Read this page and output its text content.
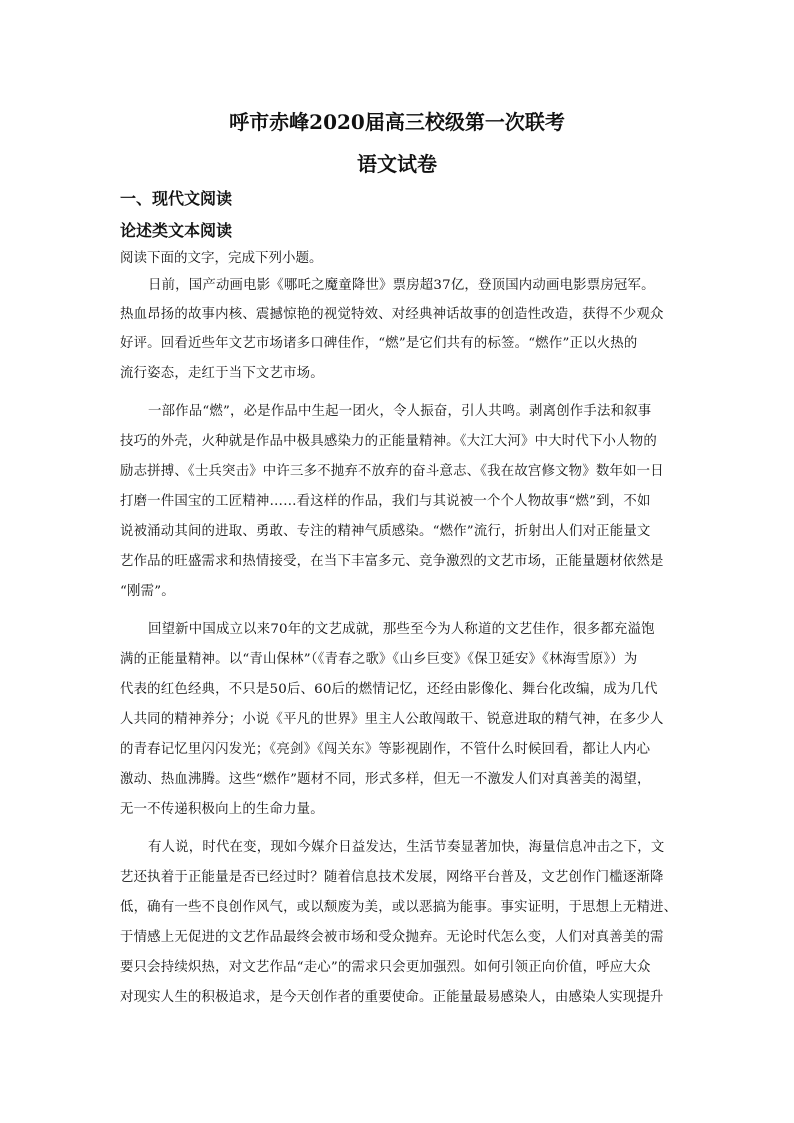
呼市赤峰2020届高三校级第一次联考
语文试卷
一、现代文阅读
论述类文本阅读
阅读下面的文字，完成下列小题。
日前，国产动画电影《哪吒之魔童降世》票房超37亿，登顶国内动画电影票房冠军。
热血昂扬的故事内核、震撼惊艳的视觉特效、对经典神话故事的创造性改造，获得不少观众
好评。回看近些年文艺市场诸多口碑佳作，“燃”是它们共有的标签。“燃作”正以火热的
流行姿态，走红于当下文艺市场。
一部作品“燃”，必是作品中生起一团火，令人振奋，引人共鸣。剥离创作手法和叙事
技巧的外壳，火种就是作品中极具感染力的正能量精神。《大江大河》中大时代下小人物的
励志拼搏、《士兵突击》中许三多不抛弃不放弃的奋斗意志、《我在故宫修文物》数年如一日
打磨一件国宝的工匠精神……看这样的作品，我们与其说被一个个人物故事“燃”到，不如
说被涌动其间的进取、勇敢、专注的精神气质感染。“燃作”流行，折射出人们对正能量文
艺作品的旺盛需求和热情接受，在当下丰富多元、竞争激烈的文艺市场，正能量题材依然是
“刚需”。
回望新中国成立以来70年的文艺成就，那些至今为人称道的文艺佳作，很多都充溢饱
满的正能量精神。以“青山保林”（《青春之歌》《山乡巨变》《保卫延安》《林海雪原》）为
代表的红色经典，不只是50后、60后的燃情记忆，还经由影像化、舞台化改编，成为几代
人共同的精神养分；小说《平凡的世界》里主人公敢闯敢干、锐意进取的精气神，在多少人
的青春记忆里闪闪发光；《亮剑》《闯关东》等影视剧作，不管什么时候回看，都让人内心
激动、热血沸腾。这些“燃作”题材不同，形式多样，但无一不激发人们对真善美的渴望，
无一不传递积极向上的生命力量。
有人说，时代在变，现如今媒介日益发达，生活节奏显著加快，海量信息冲击之下，文
艺还执着于正能量是否已经过时？随着信息技术发展，网络平台普及，文艺创作门槛逐渐降
低，确有一些不良创作风气，或以颓废为美，或以恶搞为能事。事实证明，于思想上无精进、
于情感上无促进的文艺作品最终会被市场和受众抛弃。无论时代怎么变，人们对真善美的需
要只会持续炽热，对文艺作品“走心”的需求只会更加强烈。如何引领正向价值，呼应大众
对现实人生的积极追求，是今天创作者的重要使命。正能量最易感染人，由感染人实现提升
